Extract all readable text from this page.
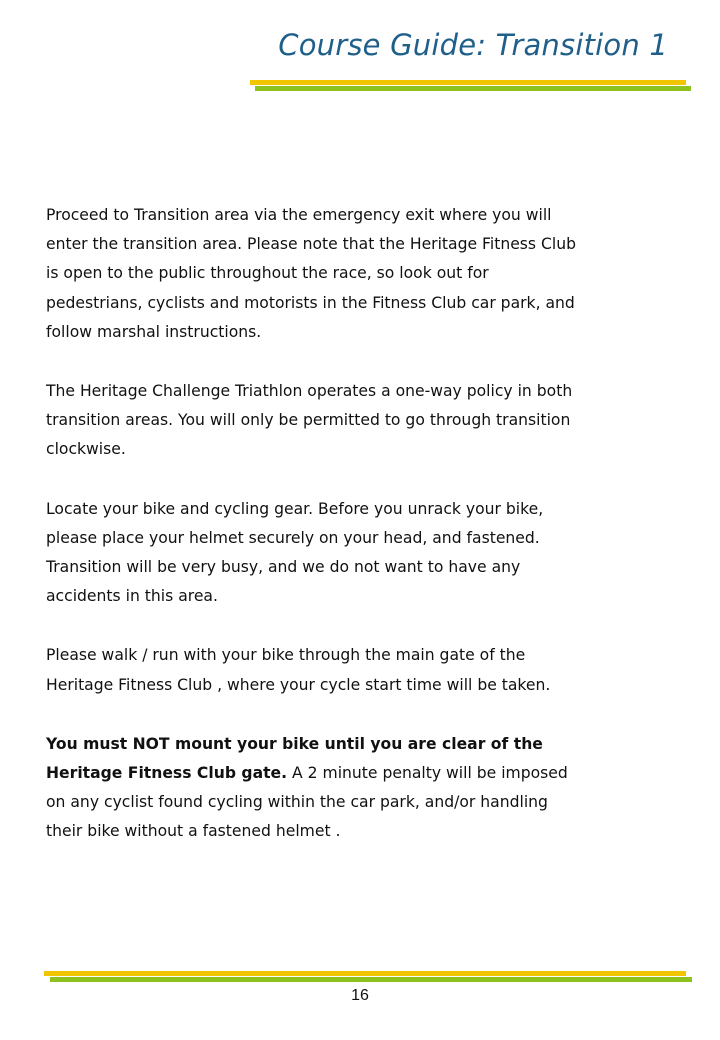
Course Guide: Transition 1

Proceed to Transition area via the emergency exit where you will enter the transition area. Please note that the Heritage Fitness Club is open to the public throughout the race, so look out for pedestrians, cyclists and motorists in the Fitness Club car park, and follow marshal instructions.

The Heritage Challenge Triathlon operates a one-way policy in both transition areas. You will only be permitted to go through transition clockwise.

Locate your bike and cycling gear. Before you unrack your bike, please place your helmet securely on your head, and fastened. Transition will be very busy, and we do not want to have any accidents in this area.

Please walk / run with your bike through the main gate of the Heritage Fitness Club , where your cycle start time will be taken.

You must NOT mount your bike until you are clear of the Heritage Fitness Club gate. A 2 minute penalty will be imposed on any cyclist found cycling within the car park, and/or handling their bike without a fastened helmet .

16
